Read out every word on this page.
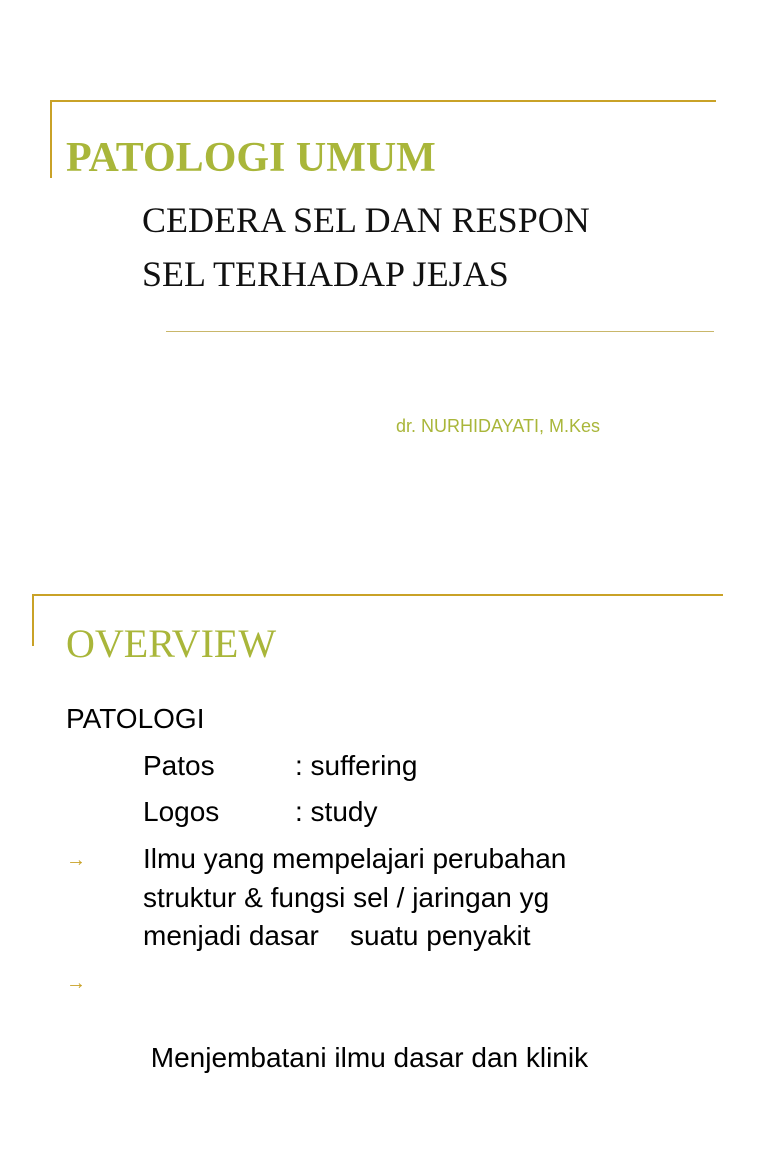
PATOLOGI UMUM
CEDERA SEL DAN RESPON
SEL TERHADAP JEJAS
dr. NURHIDAYATI, M.Kes
OVERVIEW
PATOLOGI
Patos	: suffering
Logos	: study
→ Ilmu yang mempelajari perubahan
struktur & fungsi sel / jaringan yg
menjadi dasar    suatu penyakit
→

Menjembatani ilmu dasar dan klinik
